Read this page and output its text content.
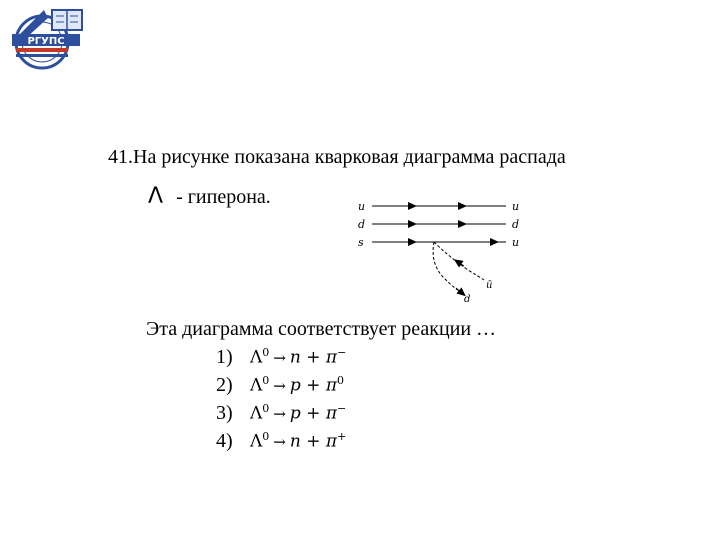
РГУПС
41.На рисунке показана кварковая диаграмма распада
Λ - гиперона.	u
d
s
u
d
u
d
ū
Эта диаграмма соответствует реакции …
1)	$\Lambda^0 \to n + \pi^-$
2)	$\Lambda^0 \to p + \pi^0$
3)	$\Lambda^0 \to p + \pi^-$
4)	$\Lambda^0 \to n + \pi^+$
